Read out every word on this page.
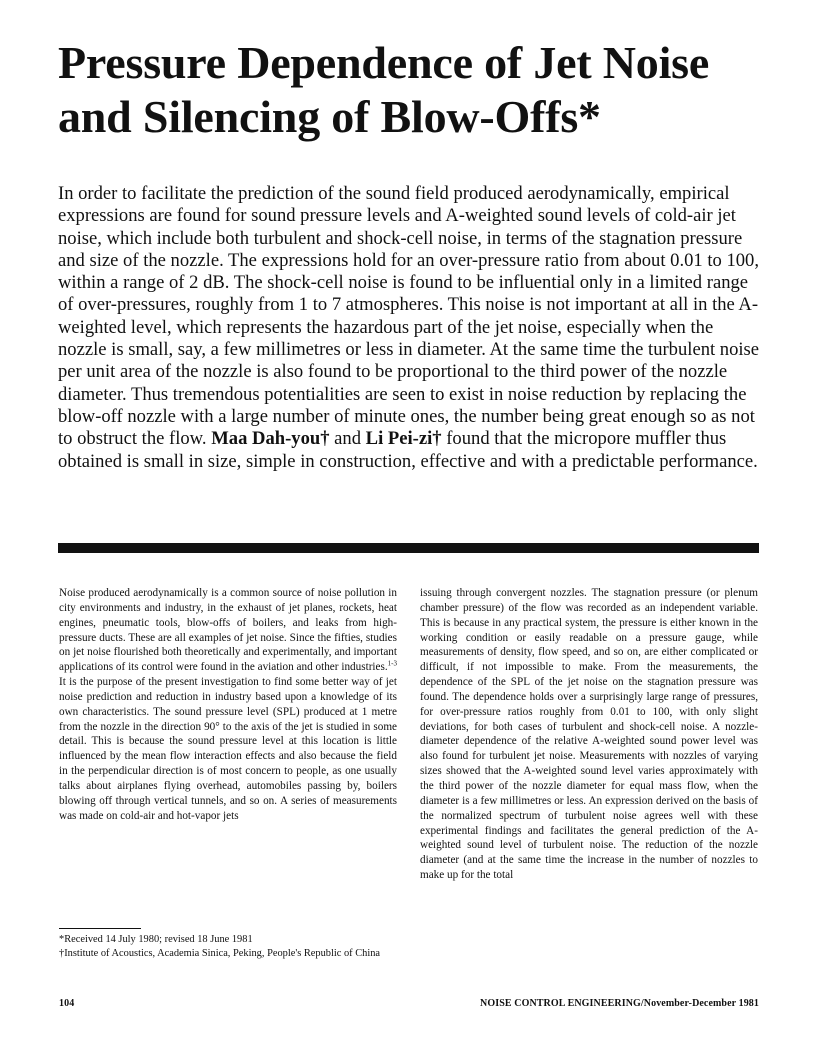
Pressure Dependence of Jet Noise
and Silencing of Blow-Offs*

In order to facilitate the prediction of the sound field produced aerodynamically, empirical expressions are found for sound pressure levels and A-weighted sound levels of cold-air jet noise, which include both turbulent and shock-cell noise, in terms of the stagnation pressure and size of the nozzle. The expressions hold for an over-pressure ratio from about 0.01 to 100, within a range of 2 dB. The shock-cell noise is found to be influential only in a limited range of over-pressures, roughly from 1 to 7 atmospheres. This noise is not important at all in the A-weighted level, which represents the hazardous part of the jet noise, especially when the nozzle is small, say, a few millimetres or less in diameter. At the same time the turbulent noise per unit area of the nozzle is also found to be proportional to the third power of the nozzle diameter. Thus tremendous potentialities are seen to exist in noise reduction by replacing the blow-off nozzle with a large number of minute ones, the number being great enough so as not to obstruct the flow. Maa Dah-you† and Li Pei-zi† found that the micropore muffler thus obtained is small in size, simple in construction, effective and with a predictable performance.

Noise produced aerodynamically is a common source of noise pollution in city environments and industry, in the exhaust of jet planes, rockets, heat engines, pneumatic tools, blow-offs of boilers, and leaks from high-pressure ducts. These are all examples of jet noise. Since the fifties, studies on jet noise flourished both theoretically and experimentally, and important applications of its control were found in the aviation and other industries.$^{1-3}$ It is the purpose of the present investigation to find some better way of jet noise prediction and reduction in industry based upon a knowledge of its own characteristics. The sound pressure level (SPL) produced at 1 metre from the nozzle in the direction 90° to the axis of the jet is studied in some detail. This is because the sound pressure level at this location is little influenced by the mean flow interaction effects and also because the field in the perpendicular direction is of most concern to people, as one usually talks about airplanes flying overhead, automobiles passing by, boilers blowing off through vertical tunnels, and so on. A series of measurements was made on cold-air and hot-vapor jets

*Received 14 July 1980; revised 18 June 1981

†Institute of Acoustics, Academia Sinica, Peking, People's Republic of China

issuing through convergent nozzles. The stagnation pressure (or plenum chamber pressure) of the flow was recorded as an independent variable. This is because in any practical system, the pressure is either known in the working condition or easily readable on a pressure gauge, while measurements of density, flow speed, and so on, are either complicated or difficult, if not impossible to make. From the measurements, the dependence of the SPL of the jet noise on the stagnation pressure was found. The dependence holds over a surprisingly large range of pressures, for over-pressure ratios roughly from 0.01 to 100, with only slight deviations, for both cases of turbulent and shock-cell noise. A nozzle-diameter dependence of the relative A-weighted sound power level was also found for turbulent jet noise. Measurements with nozzles of varying sizes showed that the A-weighted sound level varies approximately with the third power of the nozzle diameter for equal mass flow, when the diameter is a few millimetres or less. An expression derived on the basis of the normalized spectrum of turbulent noise agrees well with these experimental findings and facilitates the general prediction of the A-weighted sound level of turbulent noise. The reduction of the nozzle diameter (and at the same time the increase in the number of nozzles to make up for the total

104	NOISE CONTROL ENGINEERING/November-December 1981
